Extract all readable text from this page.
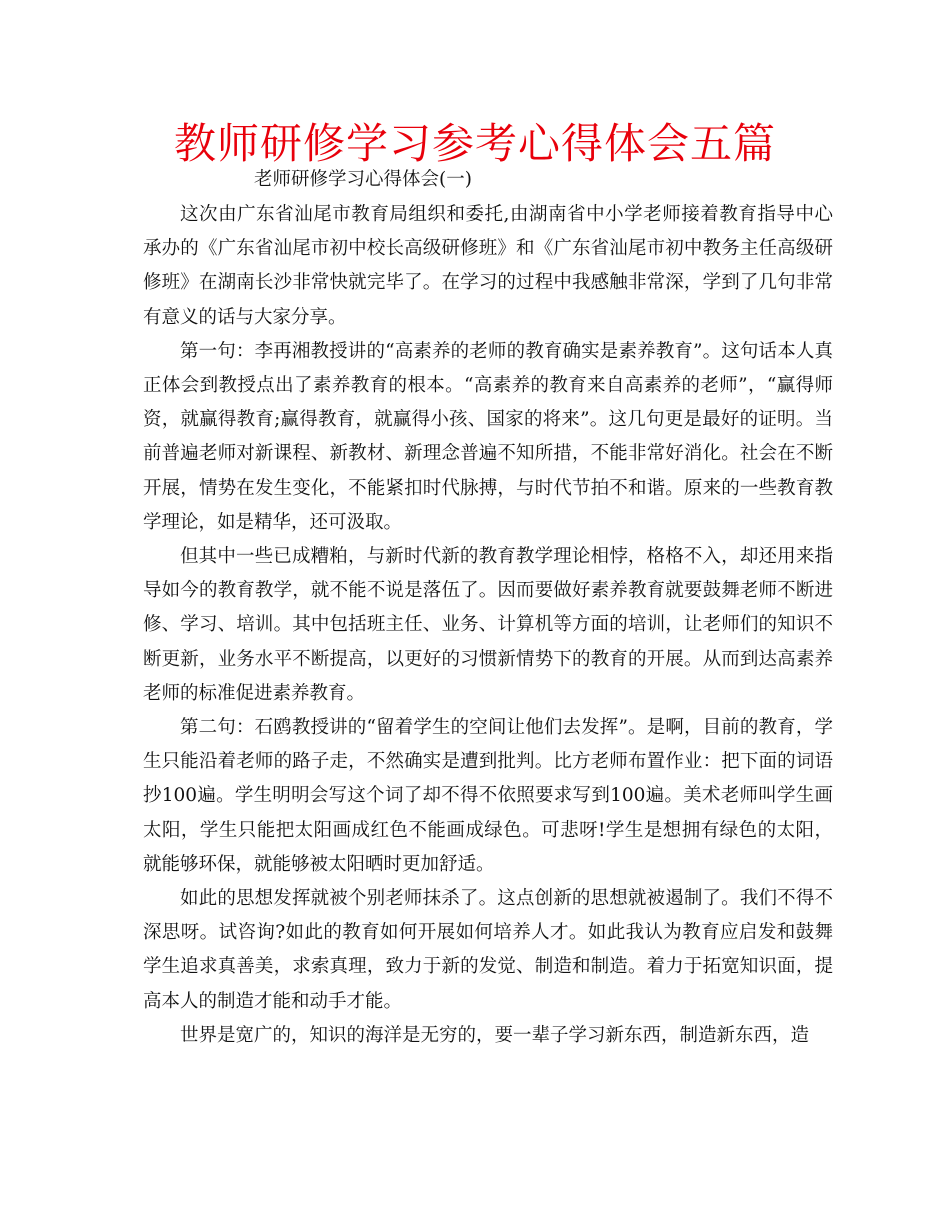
教师研修学习参考心得体会五篇

老师研修学习心得体会(一)

这次由广东省汕尾市教育局组织和委托,由湖南省中小学老师接着教育指导中心承办的《广东省汕尾市初中校长高级研修班》和《广东省汕尾市初中教务主任高级研修班》在湖南长沙非常快就完毕了。在学习的过程中我感触非常深，学到了几句非常有意义的话与大家分享。

第一句：李再湘教授讲的“高素养的老师的教育确实是素养教育”。这句话本人真正体会到教授点出了素养教育的根本。“高素养的教育来自高素养的老师”，“赢得师资，就赢得教育;赢得教育，就赢得小孩、国家的将来”。这几句更是最好的证明。当前普遍老师对新课程、新教材、新理念普遍不知所措，不能非常好消化。社会在不断开展，情势在发生变化，不能紧扣时代脉搏，与时代节拍不和谐。原来的一些教育教学理论，如是精华，还可汲取。

但其中一些已成糟粕，与新时代新的教育教学理论相悖，格格不入，却还用来指导如今的教育教学，就不能不说是落伍了。因而要做好素养教育就要鼓舞老师不断进修、学习、培训。其中包括班主任、业务、计算机等方面的培训，让老师们的知识不断更新，业务水平不断提高，以更好的习惯新情势下的教育的开展。从而到达高素养老师的标准促进素养教育。

第二句：石鸥教授讲的“留着学生的空间让他们去发挥”。是啊，目前的教育，学生只能沿着老师的路子走，不然确实是遭到批判。比方老师布置作业：把下面的词语抄100遍。学生明明会写这个词了却不得不依照要求写到100遍。美术老师叫学生画太阳，学生只能把太阳画成红色不能画成绿色。可悲呀!学生是想拥有绿色的太阳，就能够环保，就能够被太阳晒时更加舒适。

如此的思想发挥就被个别老师抹杀了。这点创新的思想就被遏制了。我们不得不深思呀。试咨询?如此的教育如何开展如何培养人才。如此我认为教育应启发和鼓舞学生追求真善美，求索真理，致力于新的发觉、制造和制造。着力于拓宽知识面，提高本人的制造才能和动手才能。

世界是宽广的，知识的海洋是无穷的，要一辈子学习新东西，制造新东西，造
